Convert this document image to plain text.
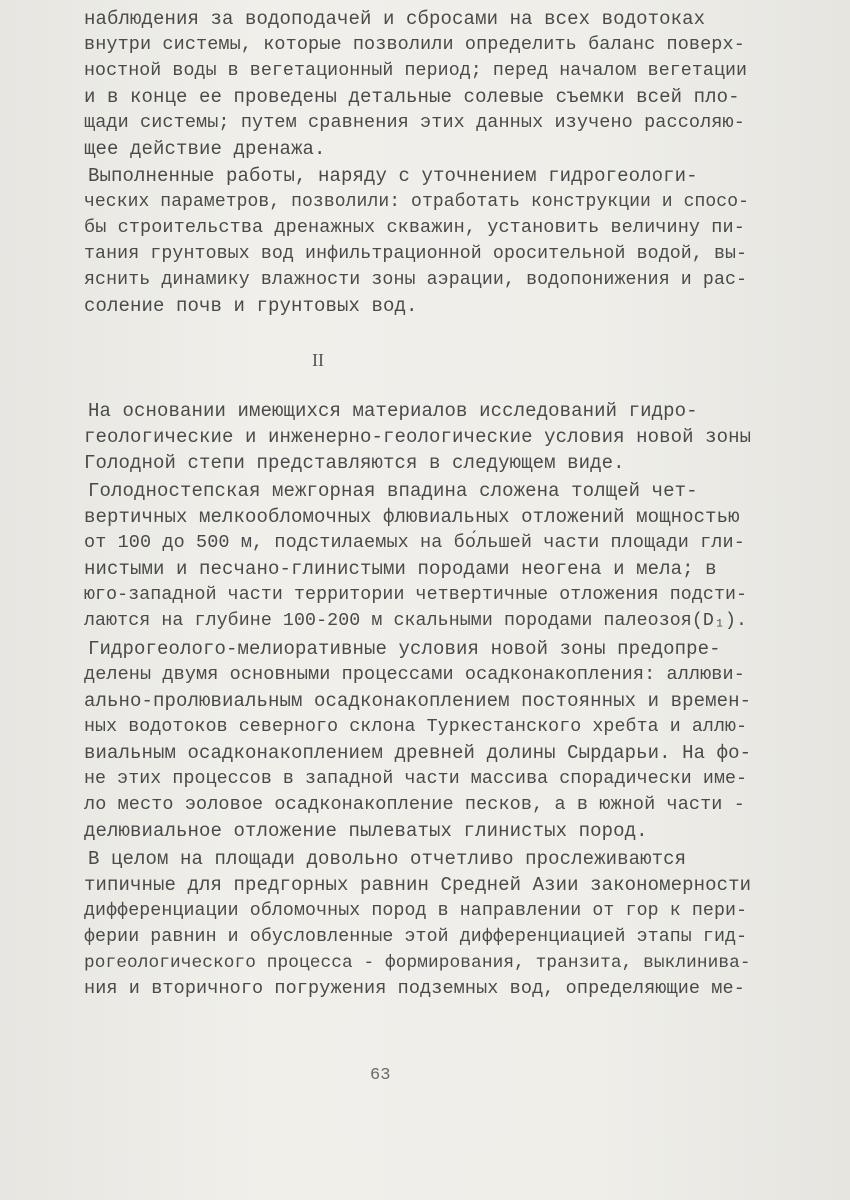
наблюдения за водоподачей и сбросами на всех водотоках
внутри системы, которые позволили определить баланс поверх-
ностной воды в вегетационный период; перед началом вегетации
и в конце ее проведены детальные солевые съемки всей пло-
щади системы; путем сравнения этих данных изучено рассоляю-
щее действие дренажа.
Выполненные работы, наряду с уточнением гидрогеологи-
ческих параметров, позволили: отработать конструкции и спосо-
бы строительства дренажных скважин, установить величину пи-
тания грунтовых вод инфильтрационной оросительной водой, вы-
яснить динамику влажности зоны аэрации, водопонижения и рас-
соление почв и грунтовых вод.
II
На основании имеющихся материалов исследований гидро-
геологические и инженерно-геологические условия новой зоны
Голодной степи представляются в следующем виде.
Голодностепская межгорная впадина сложена толщей чет-
вертичных мелкообломочных флювиальных отложений мощностью
от 100 до 500 м, подстилаемых на бо́льшей части площади гли-
нистыми и песчано-глинистыми породами неогена и мела; в
юго-западной части территории четвертичные отложения подсти-
лаются на глубине 100-200 м скальными породами палеозоя(D₁).
Гидрогеолого-мелиоративные условия новой зоны предопре-
делены двумя основными процессами осадконакопления: аллюви-
ально-пролювиальным осадконакоплением постоянных и времен-
ных водотоков северного склона Туркестанского хребта и аллю-
виальным осадконакоплением древней долины Сырдарьи. На фо-
не этих процессов в западной части массива спорадически име-
ло место эоловое осадконакопление песков, а в южной части -
делювиальное отложение пылеватых глинистых пород.
В целом на площади довольно отчетливо прослеживаются
типичные для предгорных равнин Средней Азии закономерности
дифференциации обломочных пород в направлении от гор к пери-
ферии равнин и обусловленные этой дифференциацией этапы гид-
рогеологического процесса - формирования, транзита, выклинива-
ния и вторичного погружения подземных вод, определяющие ме-
63
